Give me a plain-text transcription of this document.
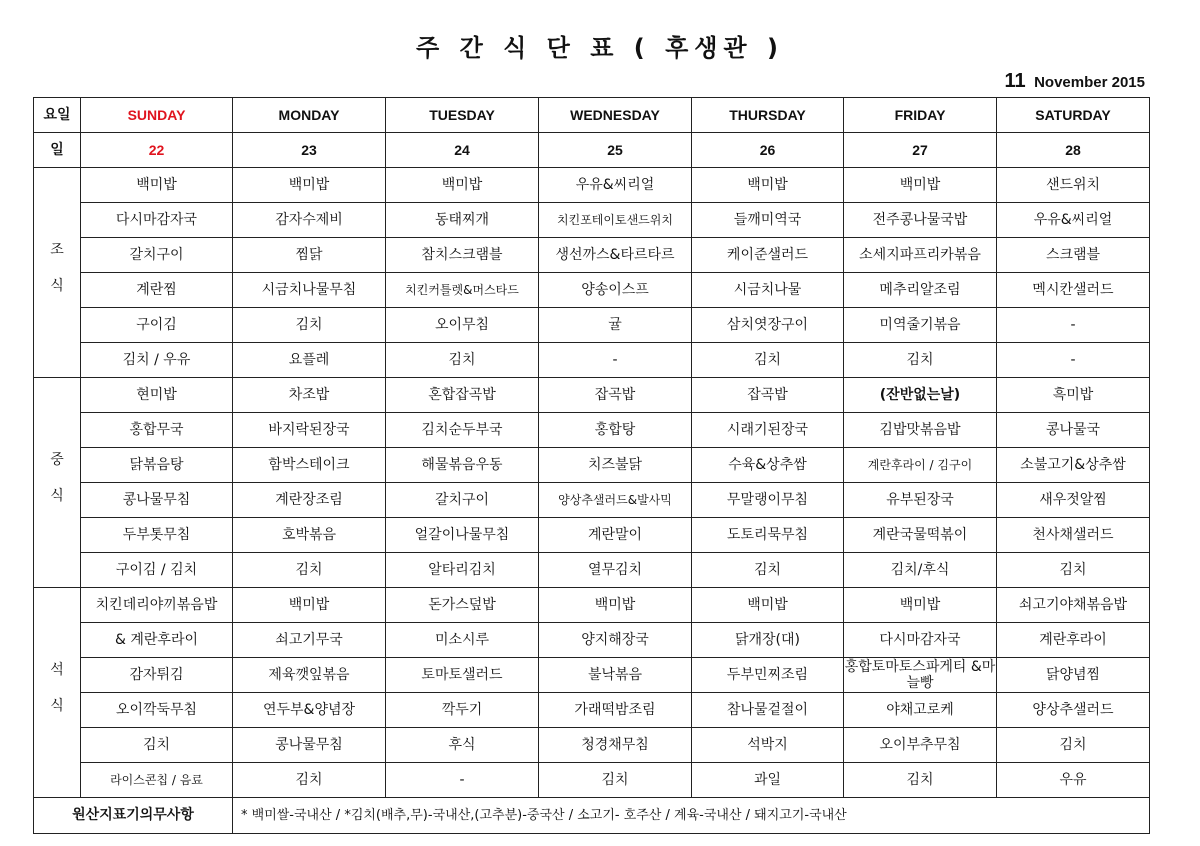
주 간 식 단 표 ( 후생관 )
11 November 2015
요일	SUNDAY	MONDAY	TUESDAY	WEDNESDAY	THURSDAY	FRIDAY	SATURDAY
일	22	23	24	25	26	27	28
조

식	백미밥	백미밥	백미밥	우유&씨리얼	백미밥	백미밥	샌드위치
	다시마감자국	감자수제비	동태찌개	치킨포테이토샌드위치	들깨미역국	전주콩나물국밥	우유&씨리얼
	갈치구이	찜닭	참치스크램블	생선까스&타르타르	케이준샐러드	소세지파프리카볶음	스크램블
	계란찜	시금치나물무침	치킨커틀렛&머스타드	양송이스프	시금치나물	메추리알조림	멕시칸샐러드
	구이김	김치	오이무침	귤	삼치엿장구이	미역줄기볶음	-
	김치 / 우유	요플레	김치	-	김치	김치	-
중

식	현미밥	차조밥	혼합잡곡밥	잡곡밥	잡곡밥	(잔반없는날)	흑미밥
	홍합무국	바지락된장국	김치순두부국	홍합탕	시래기된장국	김밥맛볶음밥	콩나물국
	닭볶음탕	함박스테이크	해물볶음우동	치즈불닭	수육&상추쌈	계란후라이 / 김구이	소불고기&상추쌈
	콩나물무침	계란장조림	갈치구이	양상추샐러드&발사믹	무말랭이무침	유부된장국	새우젓알찜
	두부톳무침	호박볶음	얼갈이나물무침	계란말이	도토리묵무침	계란국물떡볶이	천사채샐러드
	구이김 / 김치	김치	알타리김치	열무김치	김치	김치/후식	김치
석

식	치킨데리야끼볶음밥	백미밥	돈가스덮밥	백미밥	백미밥	백미밥	쇠고기야채볶음밥
	& 계란후라이	쇠고기무국	미소시루	양지해장국	닭개장(대)	다시마감자국	계란후라이
	감자튀김	제육깻잎볶음	토마토샐러드	불낙볶음	두부민찌조림	홍합토마토스파게티 &마늘빵	닭양념찜
	오이깍둑무침	연두부&양념장	깍두기	가래떡밤조림	참나물겉절이	야채고로케	양상추샐러드
	김치	콩나물무침	후식	청경채무침	석박지	오이부추무침	김치
	라이스콘칩 / 음료	김치	-	김치	과일	김치	우유
원산지표기의무사항		* 백미쌀-국내산 / *김치(배추,무)-국내산,(고추분)-중국산 / 소고기- 호주산 / 계육-국내산 / 돼지고기-국내산					
